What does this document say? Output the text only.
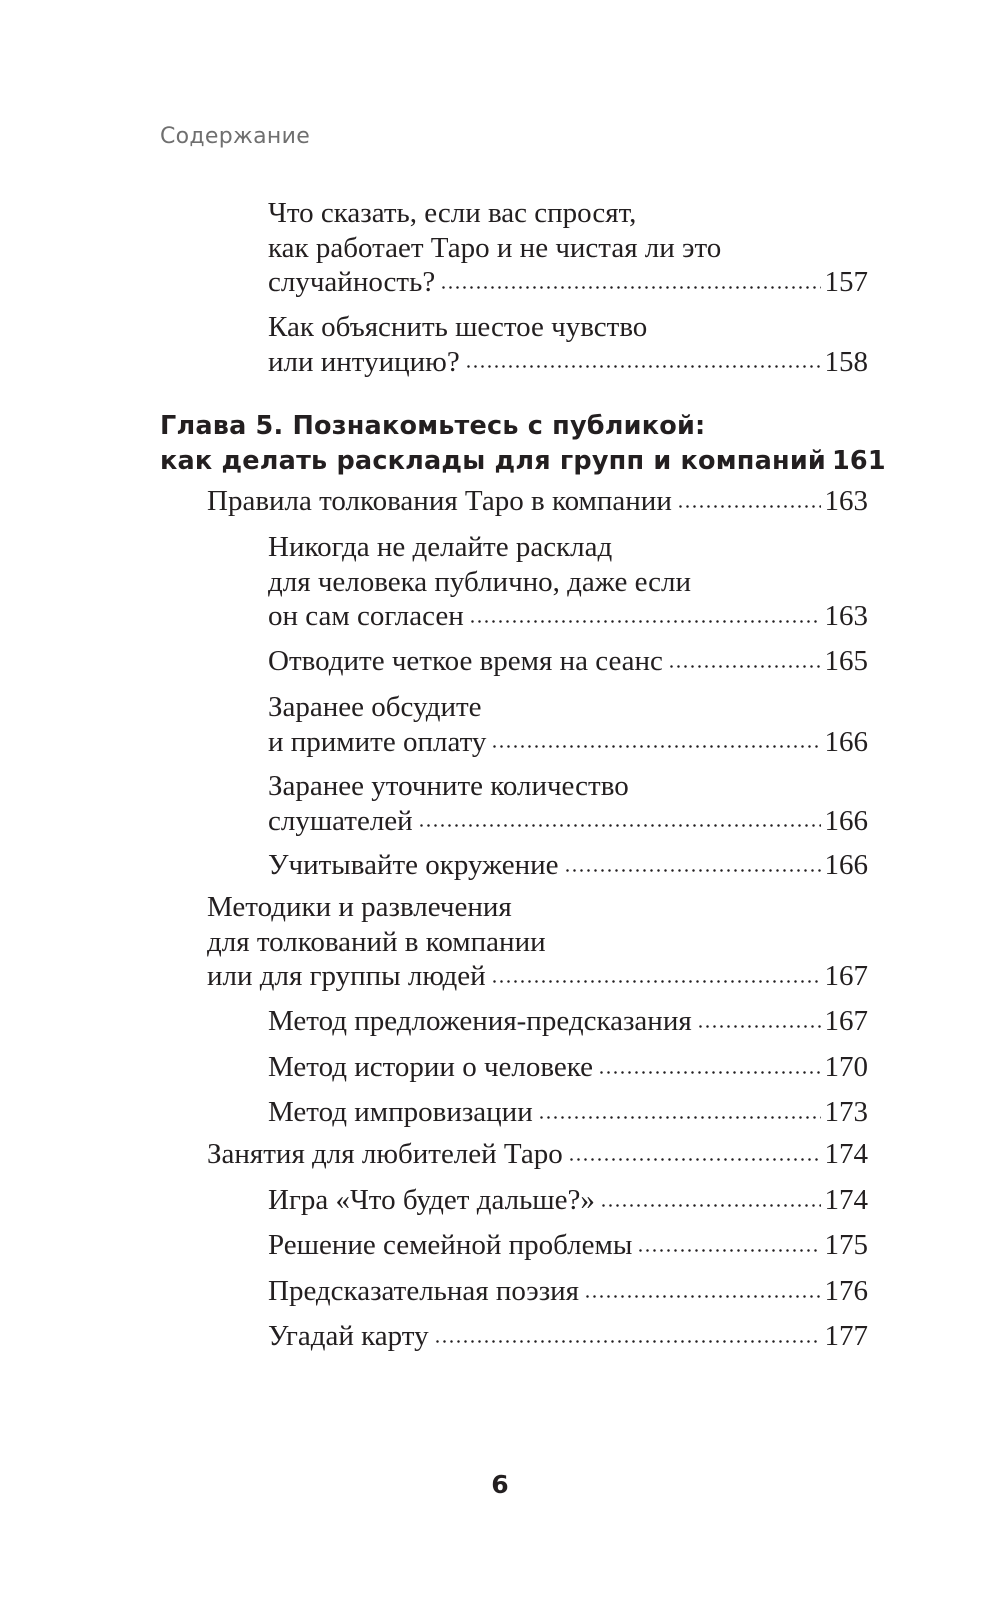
Содержание
Что сказать, если вас спросят,
как работает Таро и не чистая ли это
случайность?	157
Как объяснить шестое чувство
или интуицию?	158
Глава 5. Познакомьтесь с публикой:
как делать расклады для групп и компаний 161
Правила толкования Таро в компании	163
Никогда не делайте расклад
для человека публично, даже если
он сам согласен	163
Отводите четкое время на сеанс	165
Заранее обсудите
и примите оплату	166
Заранее уточните количество
слушателей	166
Учитывайте окружение	166
Методики и развлечения
для толкований в компании
или для группы людей	167
Метод предложения-предсказания	167
Метод истории о человеке	170
Метод импровизации	173
Занятия для любителей Таро	174
Игра «Что будет дальше?»	174
Решение семейной проблемы	175
Предсказательная поэзия	176
Угадай карту	177
6
